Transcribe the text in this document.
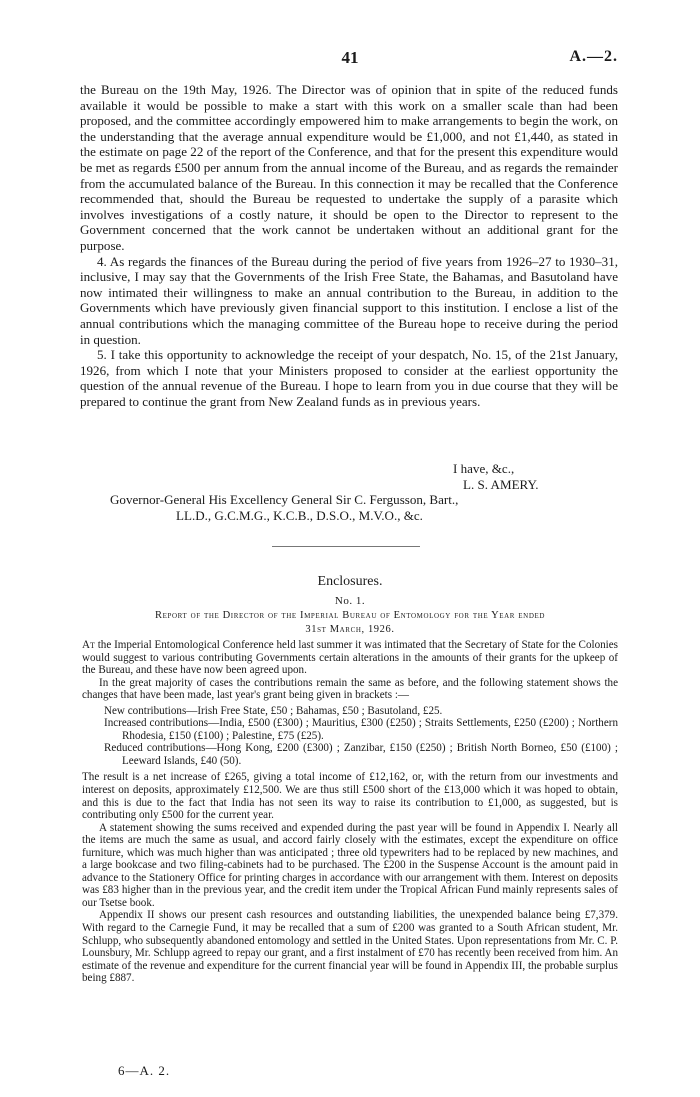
41	A.—2.

the Bureau on the 19th May, 1926. The Director was of opinion that in spite of the reduced funds available it would be possible to make a start with this work on a smaller scale than had been proposed, and the committee accordingly empowered him to make arrangements to begin the work, on the understanding that the average annual expenditure would be £1,000, and not £1,440, as stated in the estimate on page 22 of the report of the Conference, and that for the present this expenditure would be met as regards £500 per annum from the annual income of the Bureau, and as regards the remainder from the accumulated balance of the Bureau. In this connection it may be recalled that the Conference recommended that, should the Bureau be requested to undertake the supply of a parasite which involves investigations of a costly nature, it should be open to the Director to represent to the Government concerned that the work cannot be undertaken without an additional grant for the purpose.

4. As regards the finances of the Bureau during the period of five years from 1926–27 to 1930–31, inclusive, I may say that the Governments of the Irish Free State, the Bahamas, and Basutoland have now intimated their willingness to make an annual contribution to the Bureau, in addition to the Governments which have previously given financial support to this institution. I enclose a list of the annual contributions which the managing committee of the Bureau hope to receive during the period in question.

5. I take this opportunity to acknowledge the receipt of your despatch, No. 15, of the 21st January, 1926, from which I note that your Ministers proposed to consider at the earliest opportunity the question of the annual revenue of the Bureau. I hope to learn from you in due course that they will be prepared to continue the grant from New Zealand funds as in previous years.

I have, &c.,
L. S. AMERY.
Governor-General His Excellency General Sir C. Fergusson, Bart.,
LL.D., G.C.M.G., K.C.B., D.S.O., M.V.O., &c.
Enclosures.
No. 1.
Report of the Director of the Imperial Bureau of Entomology for the Year ended
31st March, 1926.

At the Imperial Entomological Conference held last summer it was intimated that the Secretary of State for the Colonies would suggest to various contributing Governments certain alterations in the amounts of their grants for the upkeep of the Bureau, and these have now been agreed upon.

In the great majority of cases the contributions remain the same as before, and the following statement shows the changes that have been made, last year's grant being given in brackets :—

New contributions—Irish Free State, £50 ; Bahamas, £50 ; Basutoland, £25.

Increased contributions—India, £500 (£300) ; Mauritius, £300 (£250) ; Straits Settlements, £250 (£200) ; Northern Rhodesia, £150 (£100) ; Palestine, £75 (£25).

Reduced contributions—Hong Kong, £200 (£300) ; Zanzibar, £150 (£250) ; British North Borneo, £50 (£100) ; Leeward Islands, £40 (50).

The result is a net increase of £265, giving a total income of £12,162, or, with the return from our investments and interest on deposits, approximately £12,500. We are thus still £500 short of the £13,000 which it was hoped to obtain, and this is due to the fact that India has not seen its way to raise its contribution to £1,000, as suggested, but is contributing only £500 for the current year.

A statement showing the sums received and expended during the past year will be found in Appendix I. Nearly all the items are much the same as usual, and accord fairly closely with the estimates, except the expenditure on office furniture, which was much higher than was anticipated ; three old typewriters had to be replaced by new machines, and a large bookcase and two filing-cabinets had to be purchased. The £200 in the Suspense Account is the amount paid in advance to the Stationery Office for printing charges in accordance with our arrangement with them. Interest on deposits was £83 higher than in the previous year, and the credit item under the Tropical African Fund mainly represents sales of our Tsetse book.

Appendix II shows our present cash resources and outstanding liabilities, the unexpended balance being £7,379. With regard to the Carnegie Fund, it may be recalled that a sum of £200 was granted to a South African student, Mr. Schlupp, who subsequently abandoned entomology and settled in the United States. Upon representations from Mr. C. P. Lounsbury, Mr. Schlupp agreed to repay our grant, and a first instalment of £70 has recently been received from him. An estimate of the revenue and expenditure for the current financial year will be found in Appendix III, the probable surplus being £887.

6—A. 2.
